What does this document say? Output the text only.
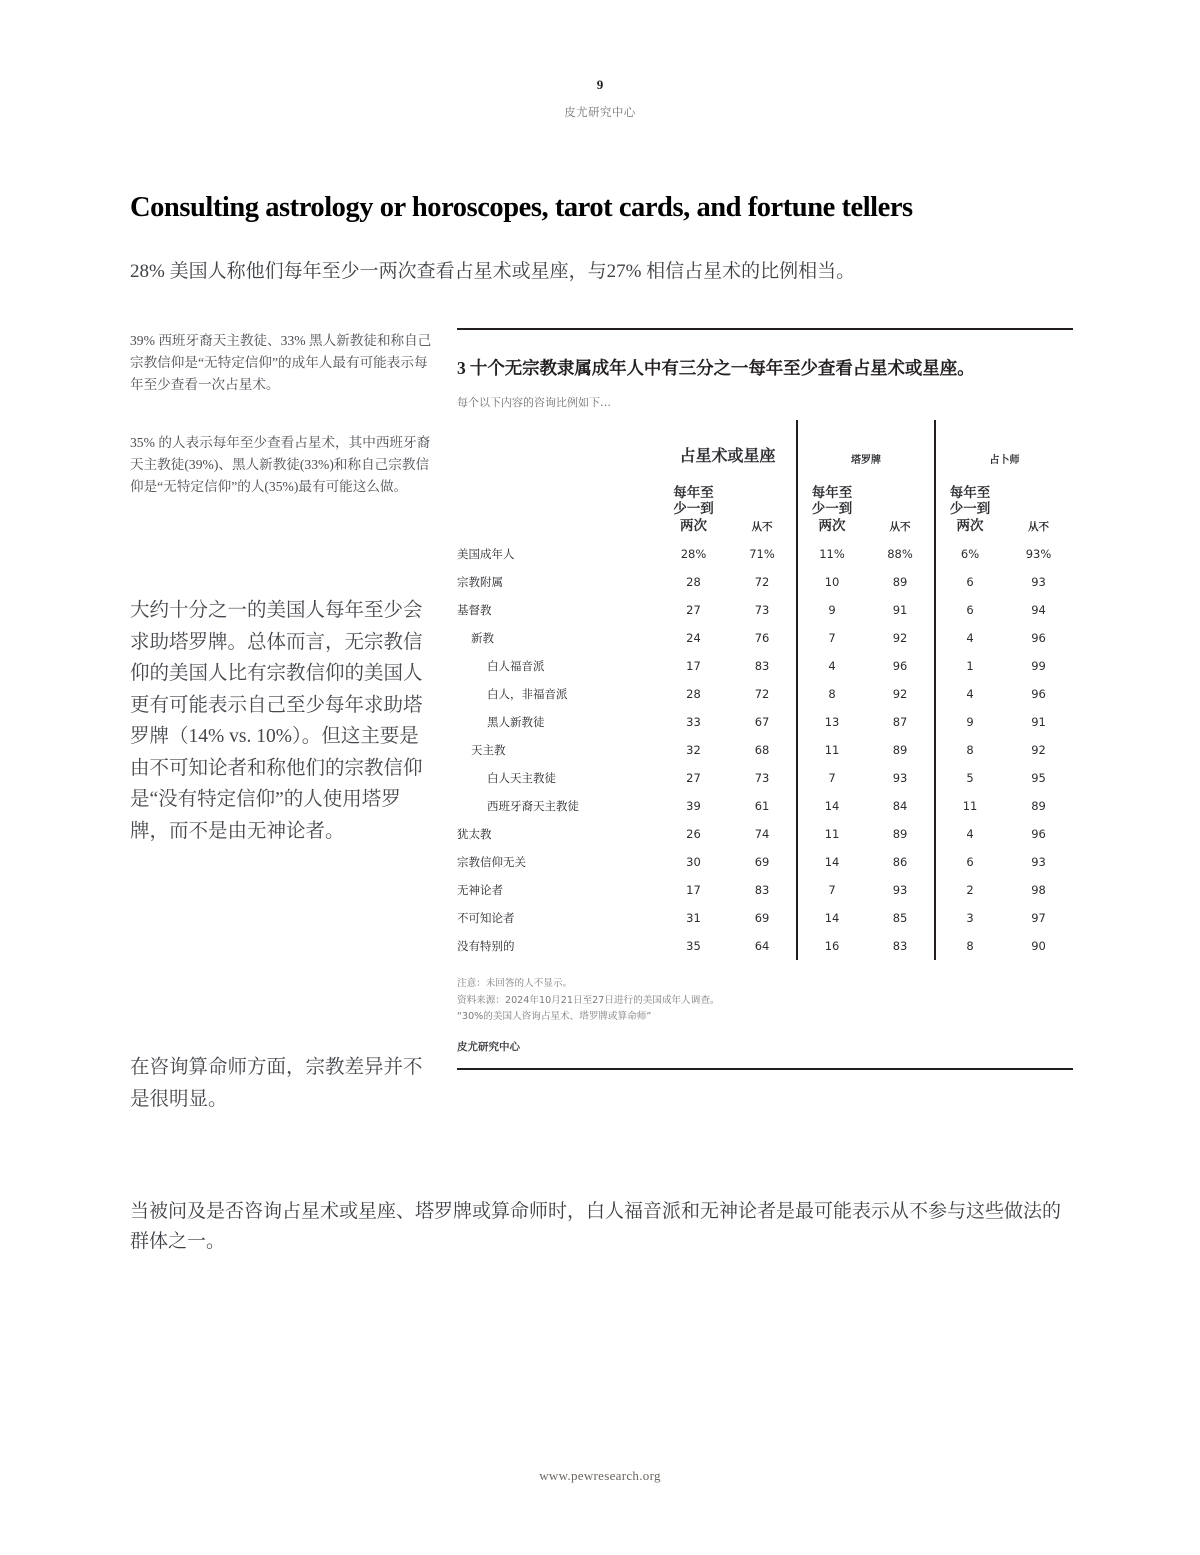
9
皮尤研究中心
Consulting astrology or horoscopes, tarot cards, and fortune tellers

28% 美国人称他们每年至少一两次查看占星术或星座，与27% 相信占星术的比例相当。

39% 西班牙裔天主教徒、33% 黑人新教徒和称自己宗教信仰是“无特定信仰”的成年人最有可能表示每年至少查看一次占星术。
35% 的人表示每年至少查看占星术，其中西班牙裔天主教徒(39%)、黑人新教徒(33%)和称自己宗教信仰是“无特定信仰”的人(35%)最有可能这么做。
大约十分之一的美国人每年至少会求助塔罗牌。总体而言，无宗教信仰的美国人比有宗教信仰的美国人更有可能表示自己至少每年求助塔罗牌（14% vs. 10%）。但这主要是由不可知论者和称他们的宗教信仰是“没有特定信仰”的人使用塔罗牌，而不是由无神论者。
在咨询算命师方面，宗教差异并不是很明显。
3 十个无宗教隶属成年人中有三分之一每年至少查看占星术或星座。
每个以下内容的咨询比例如下…
	占星术或星座		塔罗牌		占卜师	

每年至
少一到
两次	从不	
每年至
少一到
两次	从不	
每年至
少一到
两次	从不
美国成年人	28%	71%	11%	88%	6%	93%
宗教附属	28	72	10	89	6	93
基督教	27	73	9	91	6	94
新教	24	76	7	92	4	96
白人福音派	17	83	4	96	1	99
白人，非福音派	28	72	8	92	4	96
黑人新教徒	33	67	13	87	9	91
天主教	32	68	11	89	8	92
白人天主教徒	27	73	7	93	5	95
西班牙裔天主教徒	39	61	14	84	11	89
犹太教	26	74	11	89	4	96
宗教信仰无关	30	69	14	86	6	93
无神论者	17	83	7	93	2	98
不可知论者	31	69	14	85	3	97
没有特别的	35	64	16	83	8	90
注意：未回答的人不显示。
资料来源：2024年10月21日至27日进行的美国成年人调查。
“30%的美国人咨询占星术、塔罗牌或算命师”
皮尤研究中心

当被问及是否咨询占星术或星座、塔罗牌或算命师时，白人福音派和无神论者是最可能表示从不参与这些做法的群体之一。

www.pewresearch.org
